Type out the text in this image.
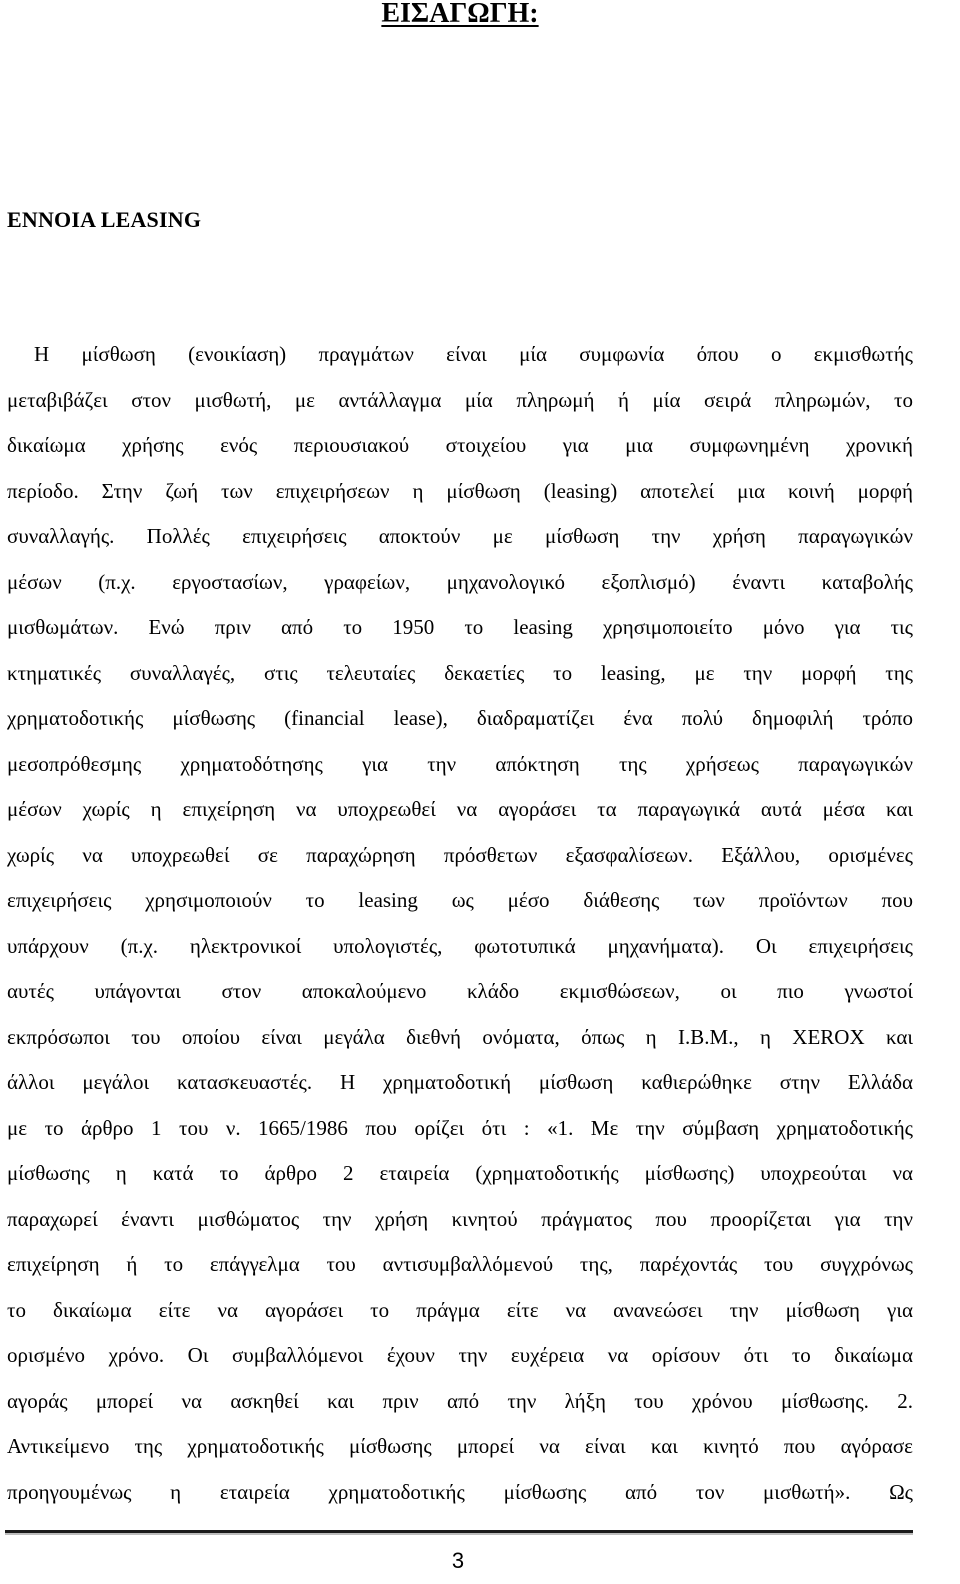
ΕΙΣΑΓΩΓΗ:
ΕΝΝΟΙΑ LEASING
Η μίσθωση (ενοικίαση) πραγμάτων είναι μία συμφωνία όπου ο εκμισθωτής
μεταβιβάζει στον μισθωτή, με αντάλλαγμα μία πληρωμή ή μία σειρά πληρωμών, το
δικαίωμα χρήσης ενός περιουσιακού στοιχείου για μια συμφωνημένη χρονική
περίοδο. Στην ζωή των επιχειρήσεων η μίσθωση (leasing) αποτελεί μια κοινή μορφή
συναλλαγής. Πολλές επιχειρήσεις αποκτούν με μίσθωση την χρήση παραγωγικών
μέσων (π.χ. εργοστασίων, γραφείων, μηχανολογικό εξοπλισμό) έναντι καταβολής
μισθωμάτων. Ενώ πριν από το 1950 το leasing χρησιμοποιείτο μόνο για τις
κτηματικές συναλλαγές, στις τελευταίες δεκαετίες το leasing, με την μορφή της
χρηματοδοτικής μίσθωσης (financial lease), διαδραματίζει ένα πολύ δημοφιλή τρόπο
μεσοπρόθεσμης χρηματοδότησης για την απόκτηση της χρήσεως παραγωγικών
μέσων χωρίς η επιχείρηση να υποχρεωθεί να αγοράσει τα παραγωγικά αυτά μέσα και
χωρίς να υποχρεωθεί σε παραχώρηση πρόσθετων εξασφαλίσεων. Εξάλλου, ορισμένες
επιχειρήσεις χρησιμοποιούν το leasing ως μέσο διάθεσης των προϊόντων που
υπάρχουν (π.χ. ηλεκτρονικοί υπολογιστές, φωτοτυπικά μηχανήματα). Οι επιχειρήσεις
αυτές υπάγονται στον αποκαλούμενο κλάδο εκμισθώσεων, οι πιο γνωστοί
εκπρόσωποι του οποίου είναι μεγάλα διεθνή ονόματα, όπως η I.B.M., η XEROX και
άλλοι μεγάλοι κατασκευαστές. Η χρηματοδοτική μίσθωση καθιερώθηκε στην Ελλάδα
με το άρθρο 1 του ν. 1665/1986 που ορίζει ότι : «1. Με την σύμβαση χρηματοδοτικής
μίσθωσης η κατά το άρθρο 2 εταιρεία (χρηματοδοτικής μίσθωσης) υποχρεούται να
παραχωρεί έναντι μισθώματος την χρήση κινητού πράγματος που προορίζεται για την
επιχείρηση ή το επάγγελμα του αντισυμβαλλόμενού της, παρέχοντάς του συγχρόνως
το δικαίωμα είτε να αγοράσει το πράγμα είτε να ανανεώσει την μίσθωση για
ορισμένο χρόνο. Οι συμβαλλόμενοι έχουν την ευχέρεια να ορίσουν ότι το δικαίωμα
αγοράς μπορεί να ασκηθεί και πριν από την λήξη του χρόνου μίσθωσης. 2.
Αντικείμενο της χρηματοδοτικής μίσθωσης μπορεί να είναι και κινητό που αγόρασε
προηγουμένως η εταιρεία χρηματοδοτικής μίσθωσης από τον μισθωτή». Ως
3
